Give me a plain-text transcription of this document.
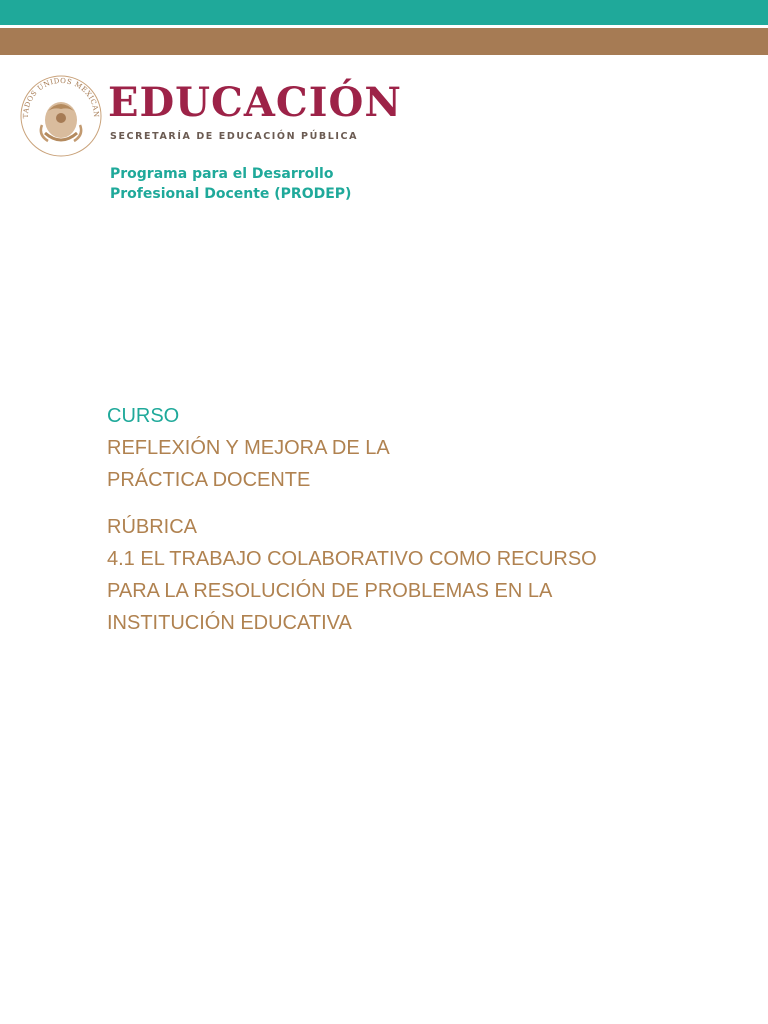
TADOS UNIDOS MEXICAN EDUCACIÓN
SECRETARÍA DE EDUCACIÓN PÚBLICA
Programa para el Desarrollo
Profesional Docente (PRODEP)
CURSO
REFLEXIÓN Y MEJORA DE LA
PRÁCTICA DOCENTE
RÚBRICA
4.1 EL TRABAJO COLABORATIVO COMO RECURSO
PARA LA RESOLUCIÓN DE PROBLEMAS EN LA
INSTITUCIÓN EDUCATIVA
